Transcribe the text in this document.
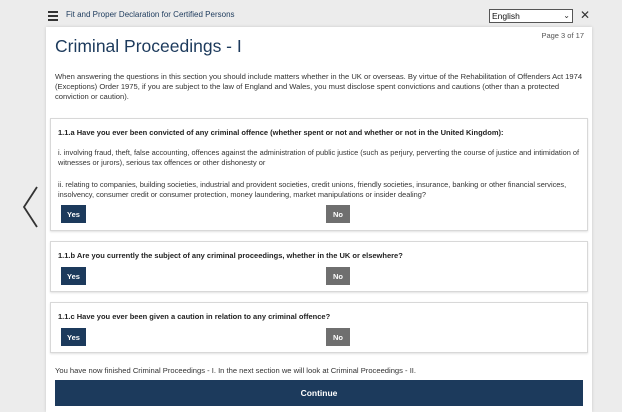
Fit and Proper Declaration for Certified Persons	English	⌄ ✕
Page 3 of 17
Criminal Proceedings - I

When answering the questions in this section you should include matters whether in the UK or overseas. By virtue of the Rehabilitation of Offenders Act 1974 (Exceptions) Order 1975, if you are subject to the law of England and Wales, you must disclose spent convictions and cautions (other than a protected conviction or caution).

1.1.a Have you ever been convicted of any criminal offence (whether spent or not and whether or not in the United Kingdom):

i. involving fraud, theft, false accounting, offences against the administration of public justice (such as perjury, perverting the course of justice and intimidation of witnesses or jurors), serious tax offences or other dishonesty or

ii. relating to companies, building societies, industrial and provident societies, credit unions, friendly societies, insurance, banking or other financial services, insolvency, consumer credit or consumer protection, money laundering, market manipulations or insider dealing?

Yes	No

1.1.b Are you currently the subject of any criminal proceedings, whether in the UK or elsewhere?

Yes	No

1.1.c Have you ever been given a caution in relation to any criminal offence?

Yes	No

You have now finished Criminal Proceedings - I. In the next section we will look at Criminal Proceedings - II.

Continue
